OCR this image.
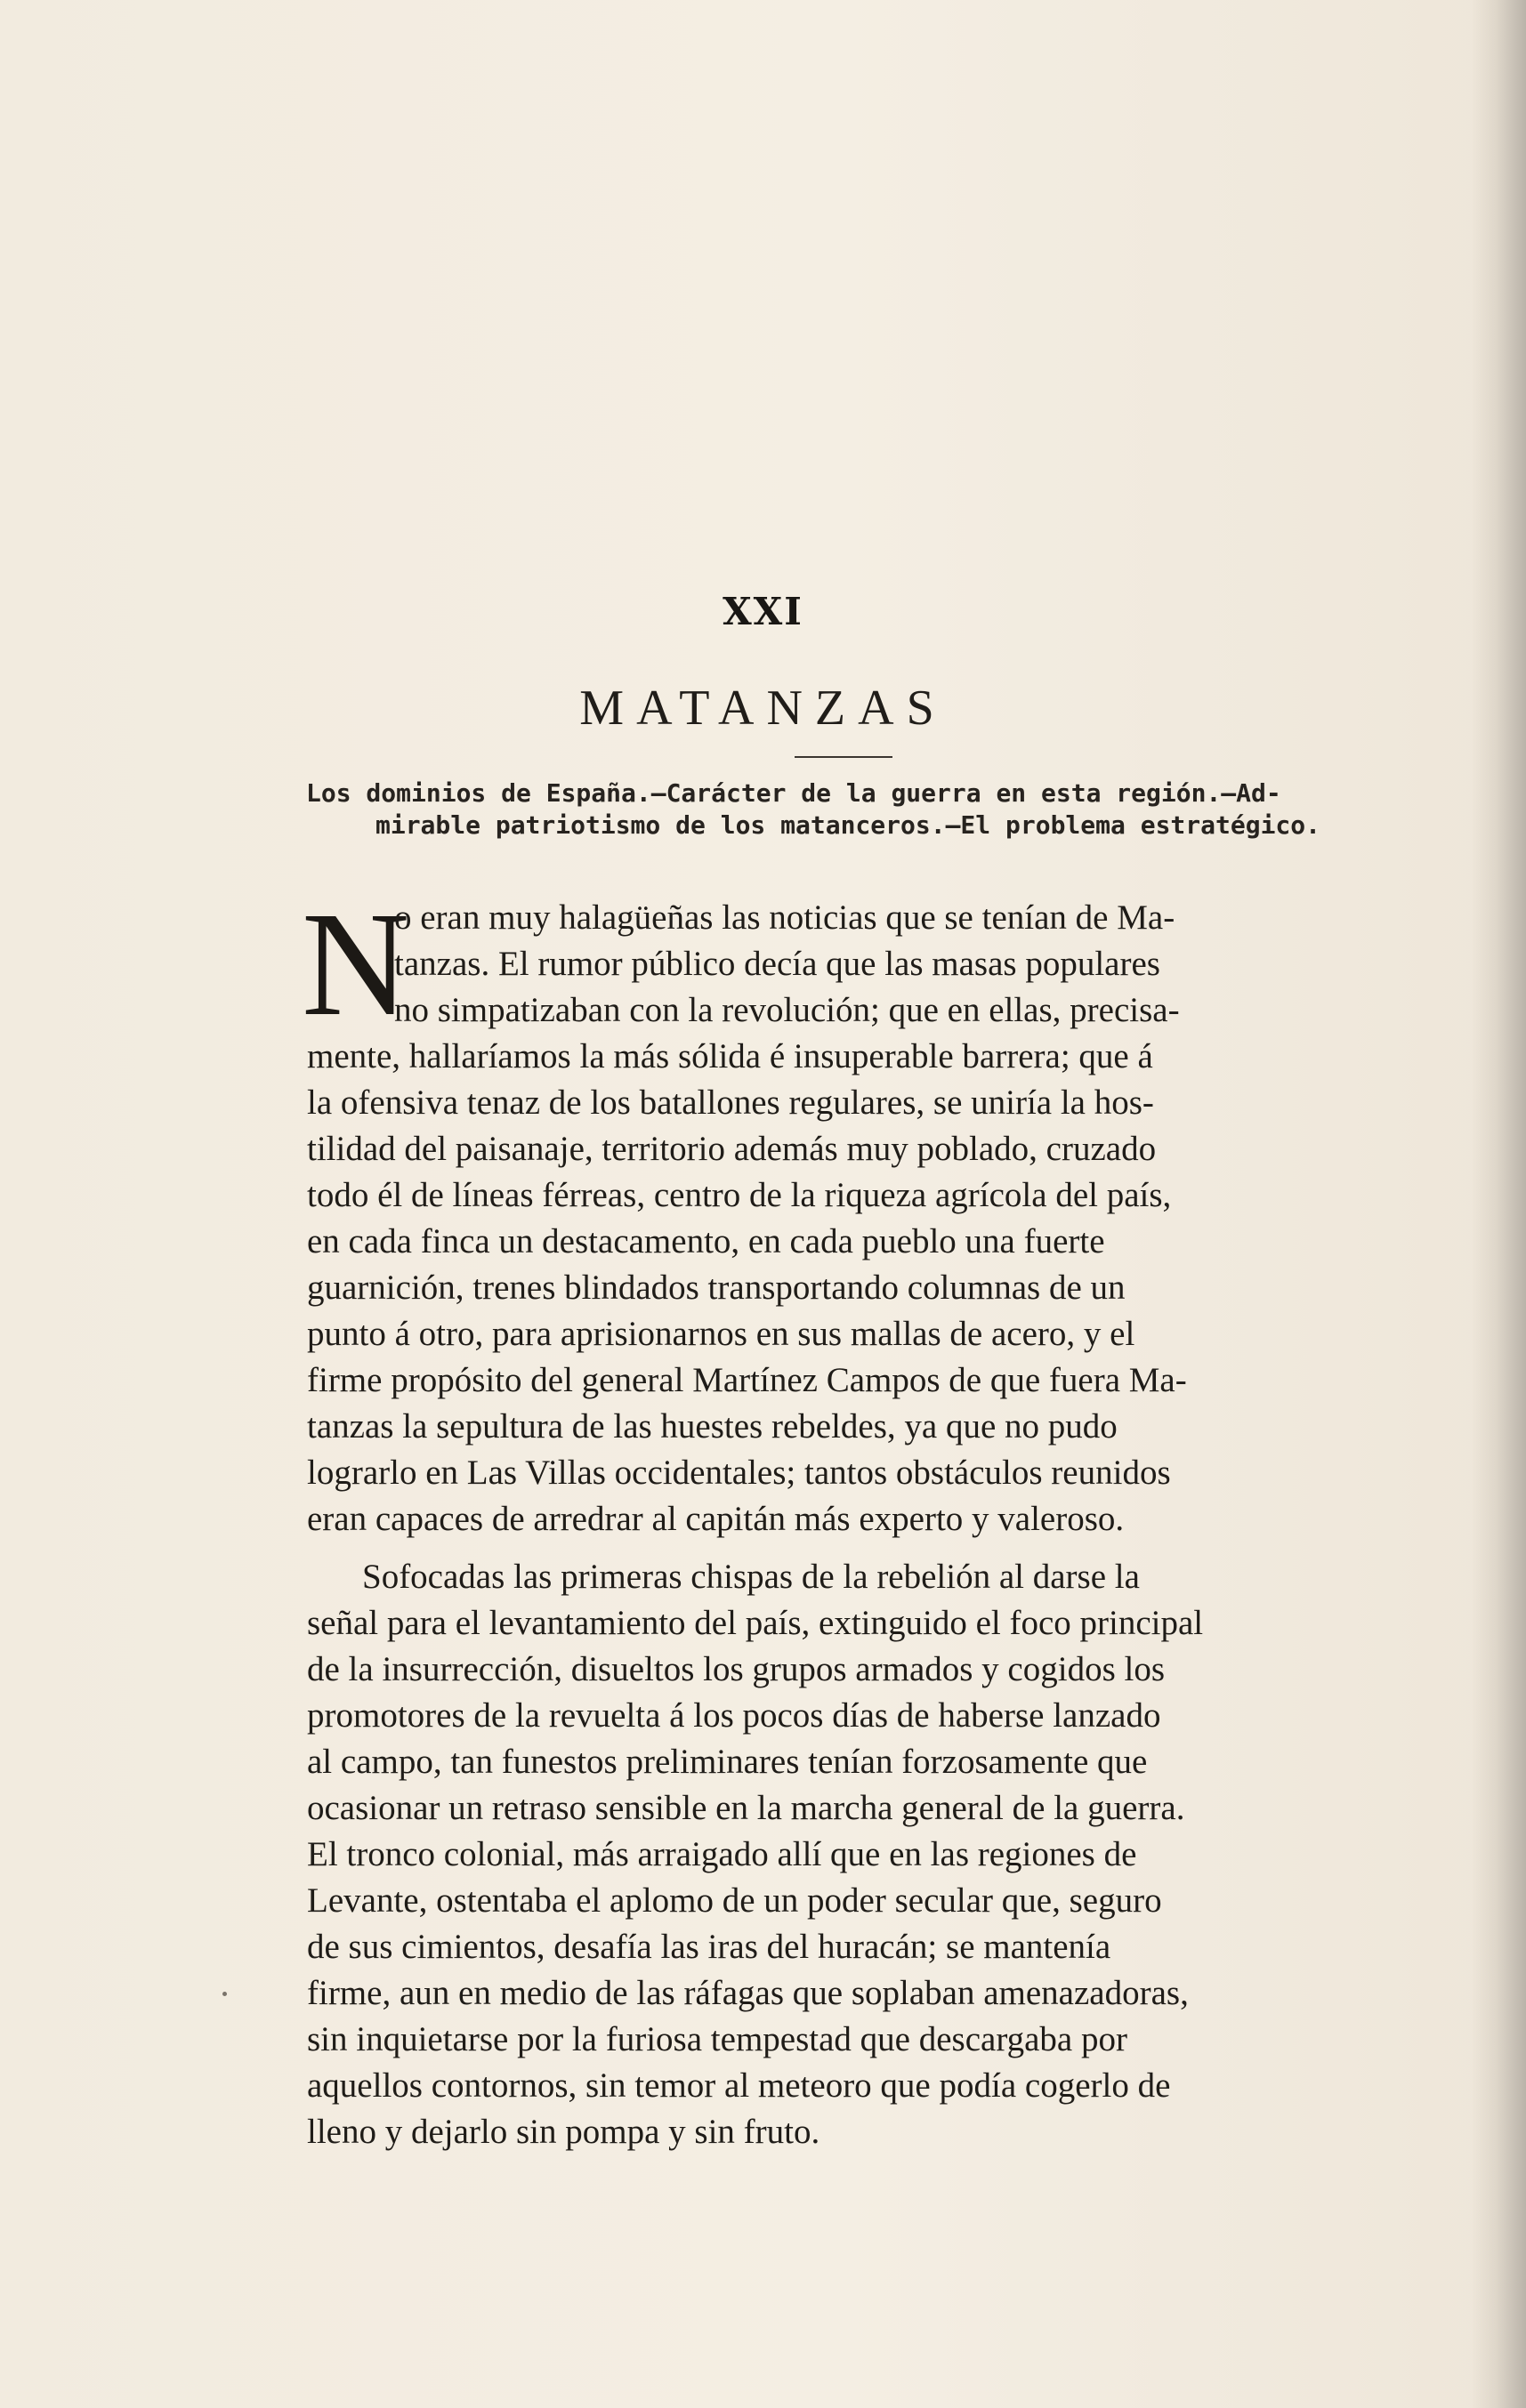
XXI
MATANZAS
Los dominios de España.—Carácter de la guerra en esta región.—Ad-
mirable patriotismo de los matanceros.—El problema estratégico.
N
o eran muy halagüeñas las noticias que se tenían de Ma-
tanzas. El rumor público decía que las masas populares
no simpatizaban con la revolución; que en ellas, precisa-
mente, hallaríamos la más sólida é insuperable barrera; que á
la ofensiva tenaz de los batallones regulares, se uniría la hos-
tilidad del paisanaje, territorio además muy poblado, cruzado
todo él de líneas férreas, centro de la riqueza agrícola del país,
en cada finca un destacamento, en cada pueblo una fuerte
guarnición, trenes blindados transportando columnas de un
punto á otro, para aprisionarnos en sus mallas de acero, y el
firme propósito del general Martínez Campos de que fuera Ma-
tanzas la sepultura de las huestes rebeldes, ya que no pudo
lograrlo en Las Villas occidentales; tantos obstáculos reunidos
eran capaces de arredrar al capitán más experto y valeroso.
Sofocadas las primeras chispas de la rebelión al darse la
señal para el levantamiento del país, extinguido el foco principal
de la insurrección, disueltos los grupos armados y cogidos los
promotores de la revuelta á los pocos días de haberse lanzado
al campo, tan funestos preliminares tenían forzosamente que
ocasionar un retraso sensible en la marcha general de la guerra.
El tronco colonial, más arraigado allí que en las regiones de
Levante, ostentaba el aplomo de un poder secular que, seguro
de sus cimientos, desafía las iras del huracán; se mantenía
firme, aun en medio de las ráfagas que soplaban amenazadoras,
sin inquietarse por la furiosa tempestad que descargaba por
aquellos contornos, sin temor al meteoro que podía cogerlo de
lleno y dejarlo sin pompa y sin fruto.
